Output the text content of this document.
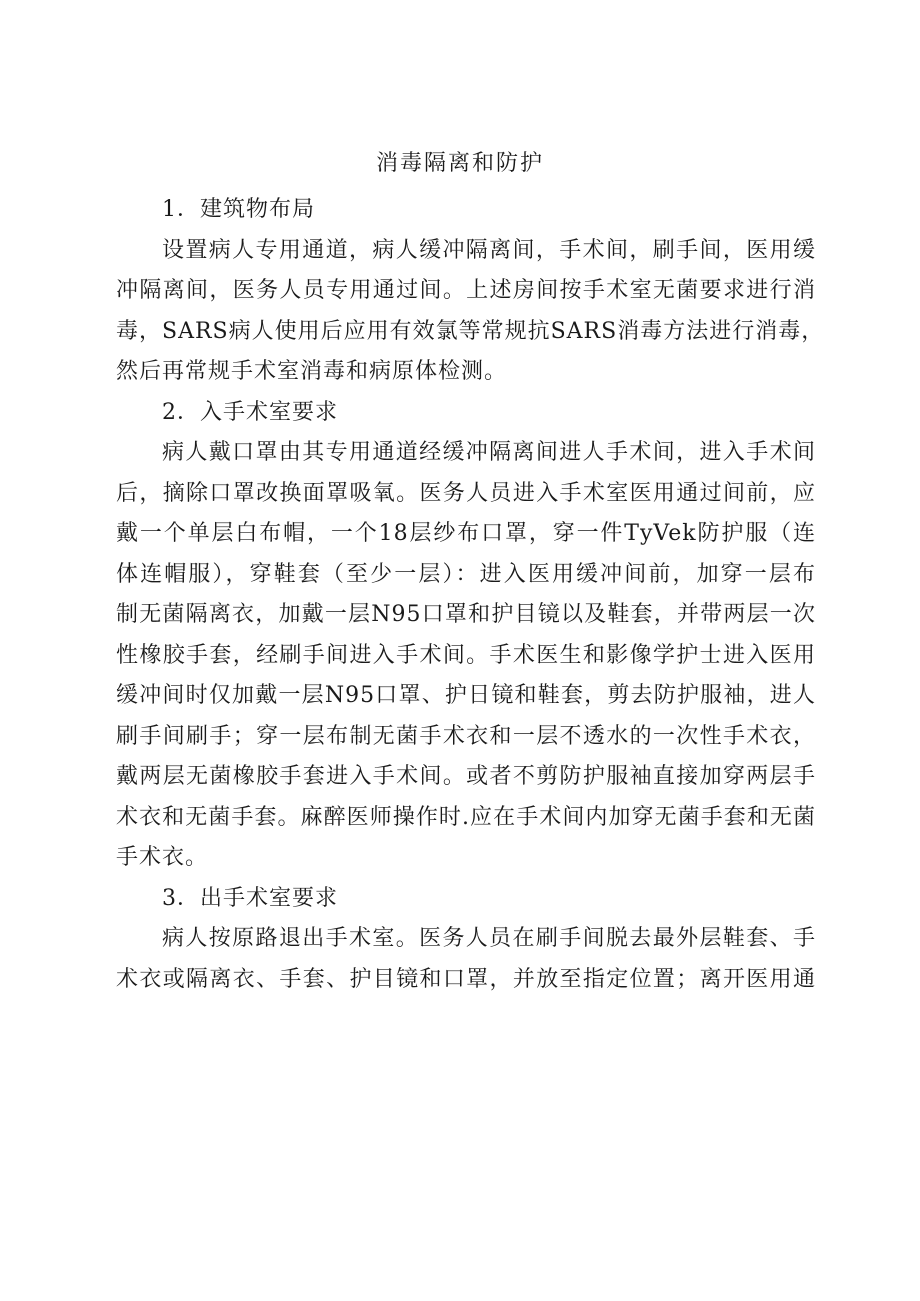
消毒隔离和防护
1．建筑物布局
设置病人专用通道，病人缓冲隔离间，手术间，刷手间，医用缓
冲隔离间，医务人员专用通过间。上述房间按手术室无菌要求进行消
毒，SARS病人使用后应用有效氯等常规抗SARS消毒方法进行消毒，
然后再常规手术室消毒和病原体检测。
2．入手术室要求
病人戴口罩由其专用通道经缓冲隔离间进人手术间，进入手术间
后，摘除口罩改换面罩吸氧。医务人员进入手术室医用通过间前，应
戴一个单层白布帽，一个18层纱布口罩，穿一件TyVek防护服（连
体连帽服），穿鞋套（至少一层）：进入医用缓冲间前，加穿一层布
制无菌隔离衣，加戴一层N95口罩和护目镜以及鞋套，并带两层一次
性橡胶手套，经刷手间进入手术间。手术医生和影像学护士进入医用
缓冲间时仅加戴一层N95口罩、护日镜和鞋套，剪去防护服袖，进人
刷手间刷手；穿一层布制无菌手术衣和一层不透水的一次性手术衣，
戴两层无菌橡胶手套进入手术间。或者不剪防护服袖直接加穿两层手
术衣和无菌手套。麻醉医师操作时.应在手术间内加穿无菌手套和无菌
手术衣。
3．出手术室要求
病人按原路退出手术室。医务人员在刷手间脱去最外层鞋套、手
术衣或隔离衣、手套、护目镜和口罩，并放至指定位置；离开医用通
